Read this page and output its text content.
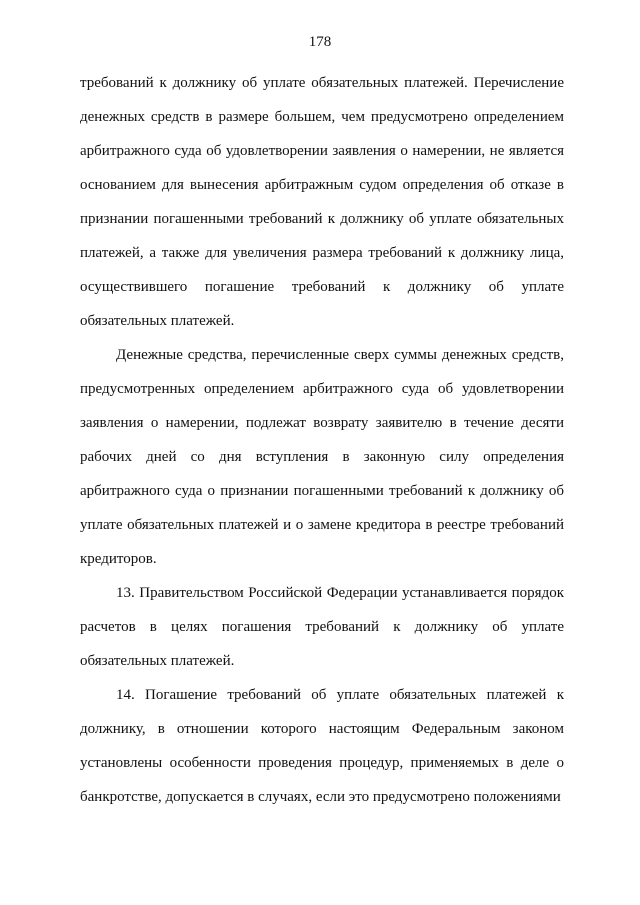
178

требований к должнику об уплате обязательных платежей. Перечисление денежных средств в размере большем, чем предусмотрено определением арбитражного суда об удовлетворении заявления о намерении, не является основанием для вынесения арбитражным судом определения об отказе в признании погашенными требований к должнику об уплате обязательных платежей, а также для увеличения размера требований к должнику лица, осуществившего погашение требований к должнику об уплате обязательных платежей.

Денежные средства, перечисленные сверх суммы денежных средств, предусмотренных определением арбитражного суда об удовлетворении заявления о намерении, подлежат возврату заявителю в течение десяти рабочих дней со дня вступления в законную силу определения арбитражного суда о признании погашенными требований к должнику об уплате обязательных платежей и о замене кредитора в реестре требований кредиторов.

13. Правительством Российской Федерации устанавливается порядок расчетов в целях погашения требований к должнику об уплате обязательных платежей.

14. Погашение требований об уплате обязательных платежей к должнику, в отношении которого настоящим Федеральным законом установлены особенности проведения процедур, применяемых в деле о банкротстве, допускается в случаях, если это предусмотрено положениями
